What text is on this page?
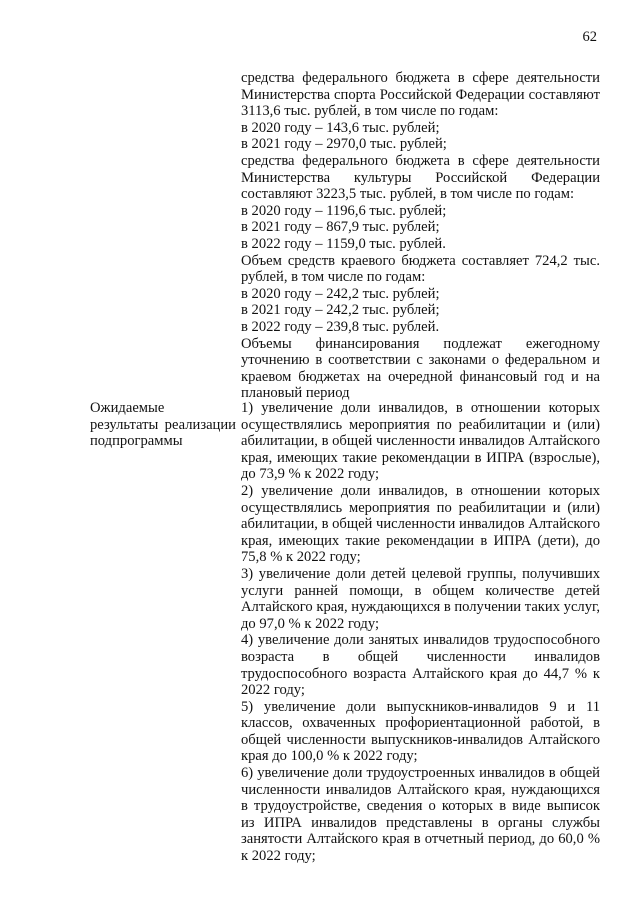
62
средства федерального бюджета в сфере деятельности Министерства спорта Российской Федерации составляют 3113,6 тыс. рублей, в том числе по годам:
в 2020 году – 143,6 тыс. рублей;
в 2021 году – 2970,0 тыс. рублей;
средства федерального бюджета в сфере деятельности Министерства культуры Российской Федерации составляют 3223,5 тыс. рублей, в том числе по годам:
в 2020 году – 1196,6 тыс. рублей;
в 2021 году – 867,9 тыс. рублей;
в 2022 году – 1159,0 тыс. рублей.
Объем средств краевого бюджета составляет 724,2 тыс. рублей, в том числе по годам:
в 2020 году – 242,2 тыс. рублей;
в 2021 году – 242,2 тыс. рублей;
в 2022 году – 239,8 тыс. рублей.
Объемы финансирования подлежат ежегодному уточнению в соответствии с законами о федеральном и краевом бюджетах на очередной финансовый год и на плановый период
Ожидаемые результаты реализации подпрограммы
1) увеличение доли инвалидов, в отношении которых осуществлялись мероприятия по реабилитации и (или) абилитации, в общей численности инвалидов Алтайского края, имеющих такие рекомендации в ИПРА (взрослые), до 73,9 % к 2022 году;
2) увеличение доли инвалидов, в отношении которых осуществлялись мероприятия по реабилитации и (или) абилитации, в общей численности инвалидов Алтайского края, имеющих такие рекомендации в ИПРА (дети), до 75,8 % к 2022 году;
3) увеличение доли детей целевой группы, получивших услуги ранней помощи, в общем количестве детей Алтайского края, нуждающихся в получении таких услуг, до 97,0 % к 2022 году;
4) увеличение доли занятых инвалидов трудоспособного возраста в общей численности инвалидов трудоспособного возраста Алтайского края до 44,7 % к 2022 году;
5) увеличение доли выпускников-инвалидов 9 и 11 классов, охваченных профориентационной работой, в общей численности выпускников-инвалидов Алтайского края до 100,0 % к 2022 году;
6) увеличение доли трудоустроенных инвалидов в общей численности инвалидов Алтайского края, нуждающихся в трудоустройстве, сведения о которых в виде выписок из ИПРА инвалидов представлены в органы службы занятости Алтайского края в отчетный период, до 60,0 % к 2022 году;
